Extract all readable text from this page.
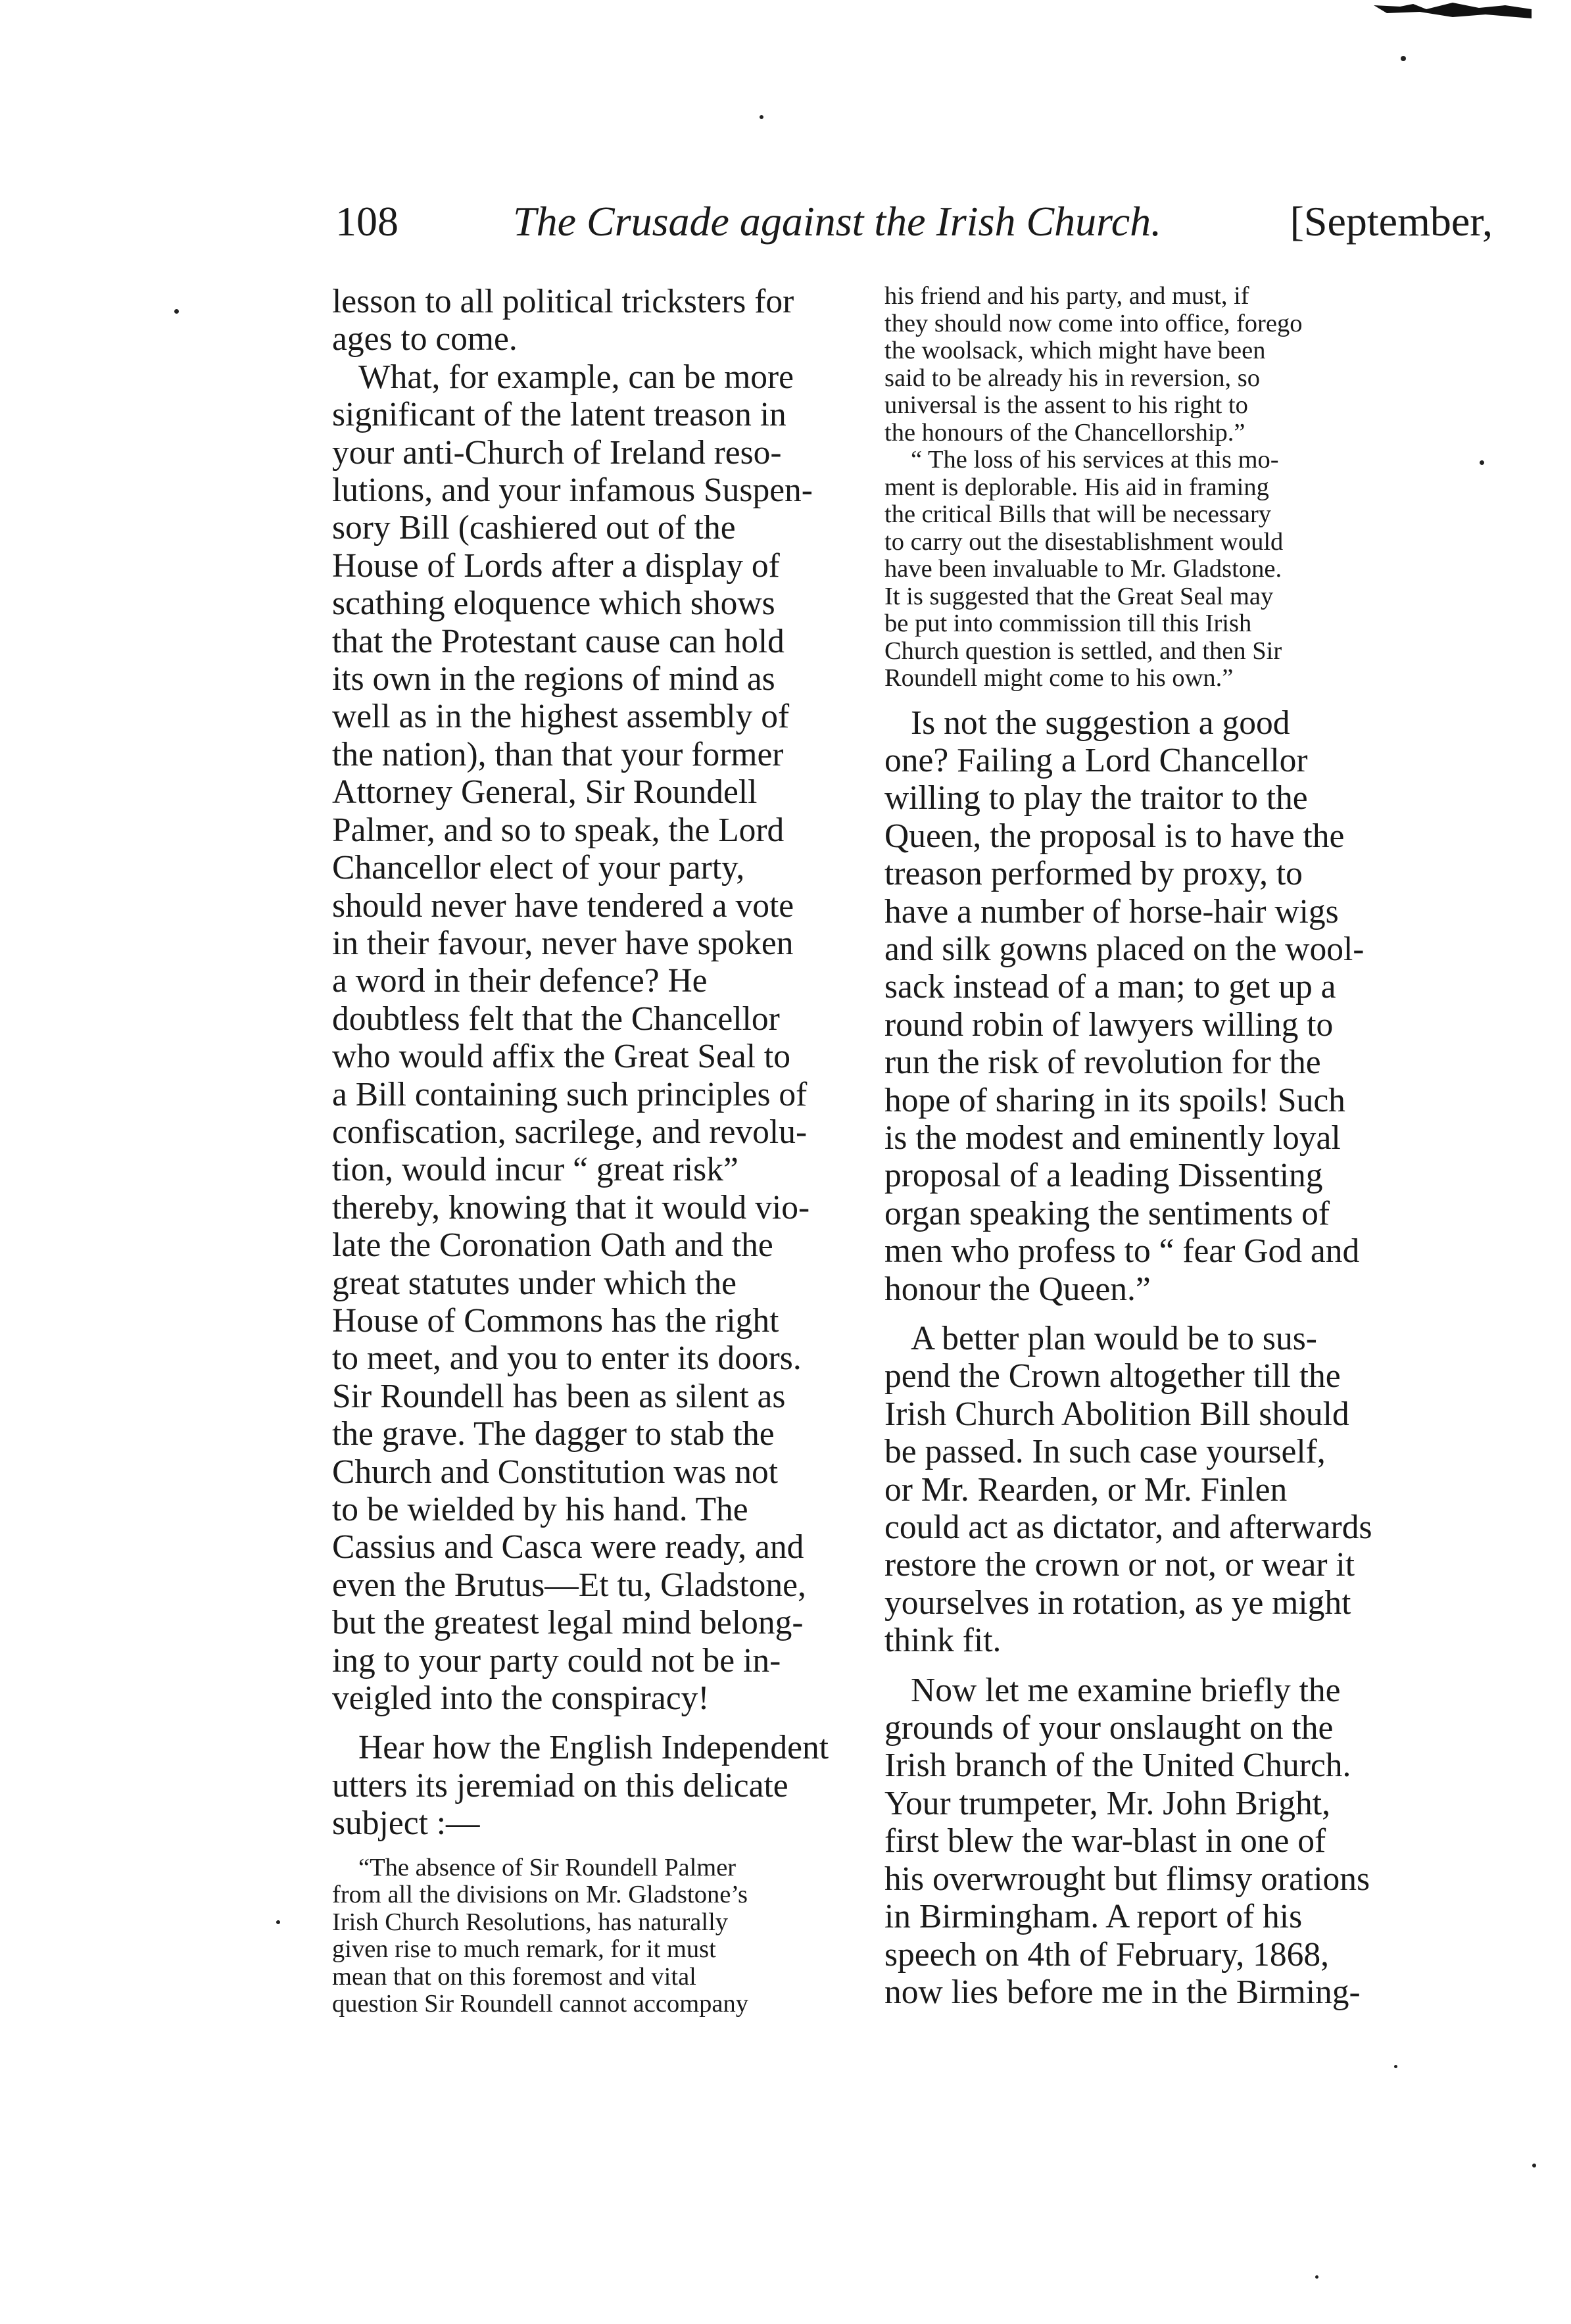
108	The Crusade against the Irish Church.	[September,

lesson to all political tricksters for
ages to come.

What, for example, can be more
significant of the latent treason in
your anti-Church of Ireland reso-
lutions, and your infamous Suspen-
sory Bill (cashiered out of the
House of Lords after a display of
scathing eloquence which shows
that the Protestant cause can hold
its own in the regions of mind as
well as in the highest assembly of
the nation), than that your former
Attorney General, Sir Roundell
Palmer, and so to speak, the Lord
Chancellor elect of your party,
should never have tendered a vote
in their favour, never have spoken
a word in their defence? He
doubtless felt that the Chancellor
who would affix the Great Seal to
a Bill containing such principles of
confiscation, sacrilege, and revolu-
tion, would incur “ great risk”
thereby, knowing that it would vio-
late the Coronation Oath and the
great statutes under which the
House of Commons has the right
to meet, and you to enter its doors.
Sir Roundell has been as silent as
the grave. The dagger to stab the
Church and Constitution was not
to be wielded by his hand. The
Cassius and Casca were ready, and
even the Brutus—Et tu, Gladstone,
but the greatest legal mind belong-
ing to your party could not be in-
veigled into the conspiracy!

Hear how the English Independent
utters its jeremiad on this delicate
subject :—

“The absence of Sir Roundell Palmer
from all the divisions on Mr. Gladstone’s
Irish Church Resolutions, has naturally
given rise to much remark, for it must
mean that on this foremost and vital
question Sir Roundell cannot accompany

his friend and his party, and must, if
they should now come into office, forego
the woolsack, which might have been
said to be already his in reversion, so
universal is the assent to his right to
the honours of the Chancellorship.”

“ The loss of his services at this mo-
ment is deplorable. His aid in framing
the critical Bills that will be necessary
to carry out the disestablishment would
have been invaluable to Mr. Gladstone.
It is suggested that the Great Seal may
be put into commission till this Irish
Church question is settled, and then Sir
Roundell might come to his own.”

Is not the suggestion a good
one? Failing a Lord Chancellor
willing to play the traitor to the
Queen, the proposal is to have the
treason performed by proxy, to
have a number of horse-hair wigs
and silk gowns placed on the wool-
sack instead of a man; to get up a
round robin of lawyers willing to
run the risk of revolution for the
hope of sharing in its spoils! Such
is the modest and eminently loyal
proposal of a leading Dissenting
organ speaking the sentiments of
men who profess to “ fear God and
honour the Queen.”

A better plan would be to sus-
pend the Crown altogether till the
Irish Church Abolition Bill should
be passed. In such case yourself,
or Mr. Rearden, or Mr. Finlen
could act as dictator, and afterwards
restore the crown or not, or wear it
yourselves in rotation, as ye might
think fit.

Now let me examine briefly the
grounds of your onslaught on the
Irish branch of the United Church.
Your trumpeter, Mr. John Bright,
first blew the war-blast in one of
his overwrought but flimsy orations
in Birmingham. A report of his
speech on 4th of February, 1868,
now lies before me in the Birming-
